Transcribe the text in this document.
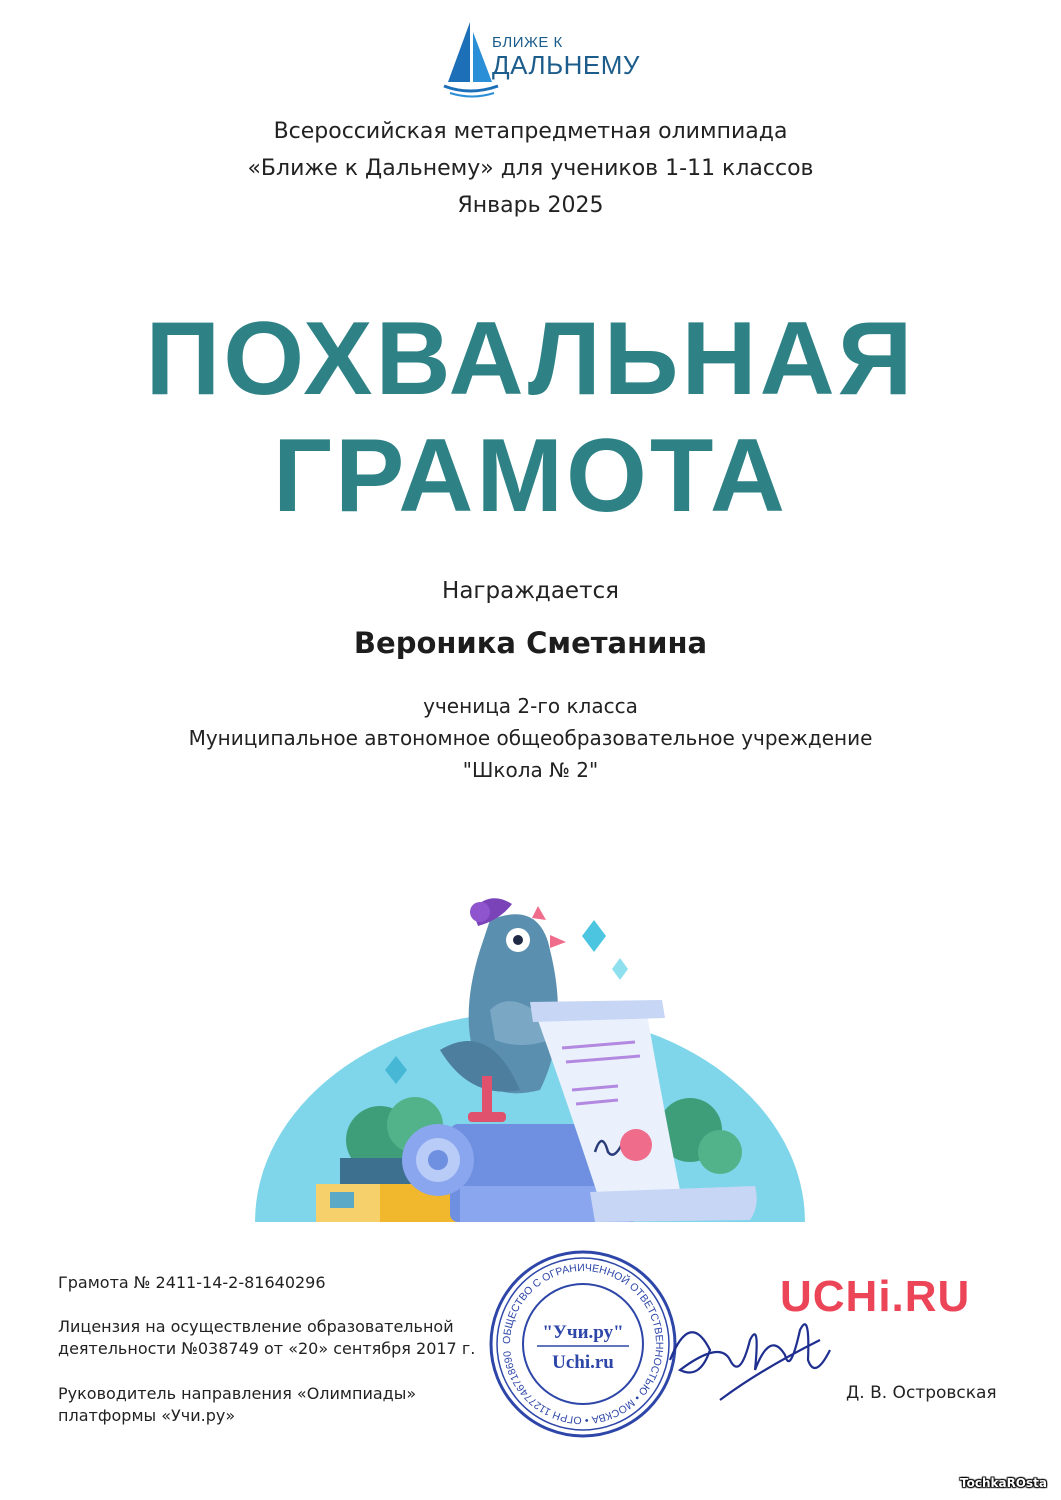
БЛИЖЕ К
ДАЛЬНЕМУ
Всероссийская метапредметная олимпиада
«Ближе к Дальнему» для учеников 1-11 классов
Январь 2025
ПОХВАЛЬНАЯ
ГРАМОТА
Награждается
Вероника Сметанина
ученица 2-го класса
Муниципальное автономное общеобразовательное учреждение
"Школа № 2"
Грамота № 2411-14-2-81640296
Лицензия на осуществление образовательной
деятельности №038749 от «20» сентября 2017 г.
Руководитель направления «Олимпиады»
платформы «Учи.ру»
ОБЩЕСТВО С ОГРАНИЧЕННОЙ ОТВЕТСТВЕННОСТЬЮ • МОСКВА • ОГРН 1127746718690
"Учи.ру"
Uchi.ru
UCHi.RU
Д. В. Островская
TochkaROsta
